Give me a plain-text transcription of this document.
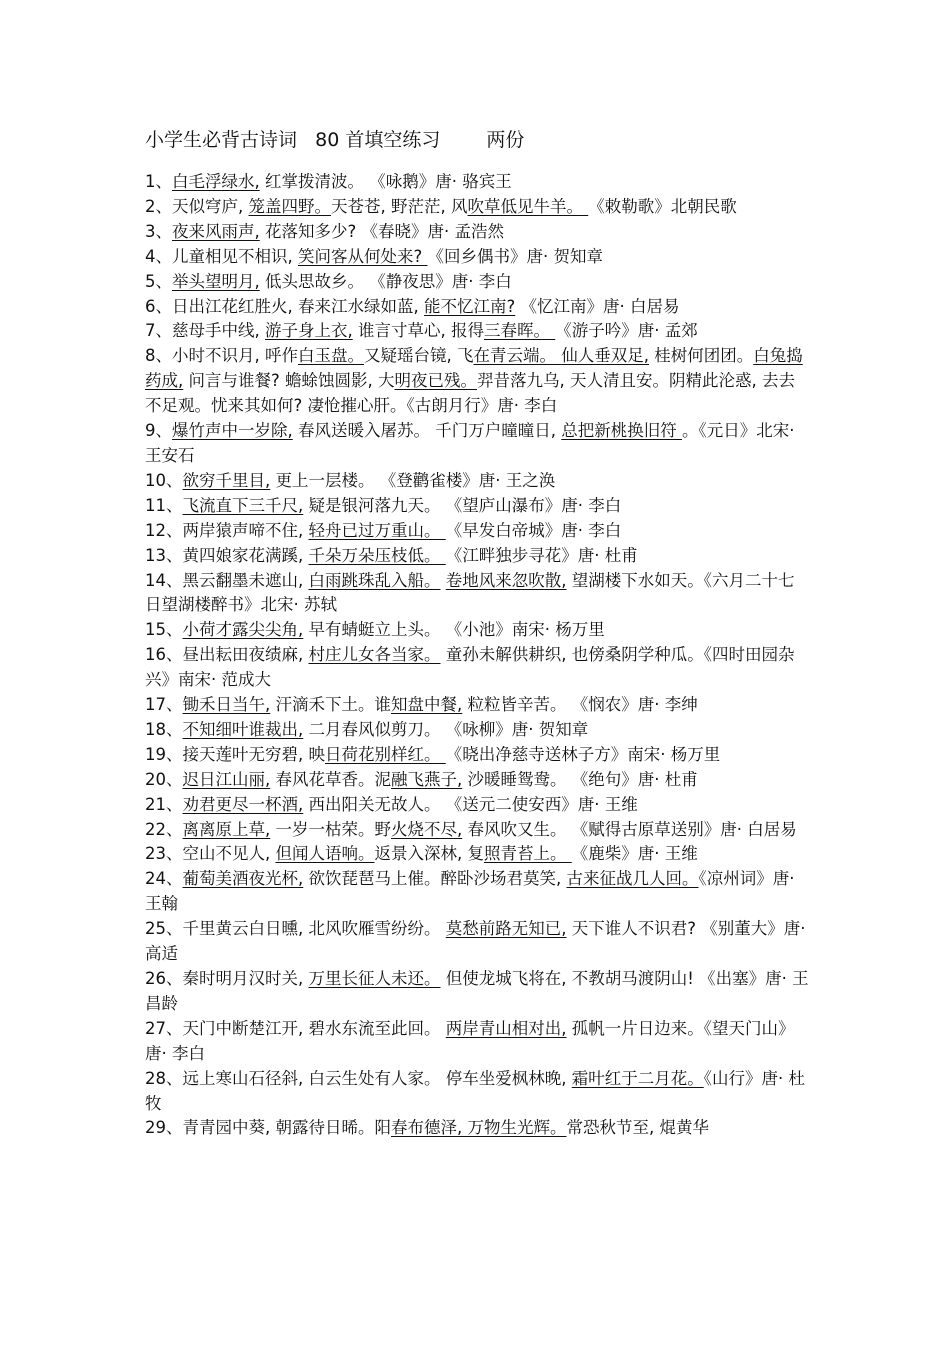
小学生必背古诗词   80 首填空练习 两份
1、白毛浮绿水, 红掌拨清波。 《咏鹅》唐· 骆宾王
2、天似穹庐, 笼盖四野。天苍苍, 野茫茫, 风吹草低见牛羊。 《敕勒歌》北朝民歌
3、夜来风雨声, 花落知多少? 《春晓》唐· 孟浩然
4、儿童相见不相识, 笑问客从何处来? 《回乡偶书》唐· 贺知章
5、举头望明月, 低头思故乡。 《静夜思》唐· 李白
6、日出江花红胜火, 春来江水绿如蓝, 能不忆江南? 《忆江南》唐· 白居易
7、慈母手中线, 游子身上衣, 谁言寸草心, 报得三春晖。 《游子吟》唐· 孟郊
8、小时不识月, 呼作白玉盘。又疑瑶台镜, 飞在青云端。 仙人垂双足, 桂树何团团。白兔捣药成, 问言与谁餐? 蟾蜍蚀圆影, 大明夜已残。羿昔落九乌, 天人清且安。阴精此沦惑, 去去不足观。忧来其如何? 凄怆摧心肝。《古朗月行》唐· 李白
9、爆竹声中一岁除, 春风送暖入屠苏。 千门万户曈曈日, 总把新桃换旧符 。《元日》北宋· 王安石
10、欲穷千里目, 更上一层楼。 《登鹳雀楼》唐· 王之涣
11、飞流直下三千尺, 疑是银河落九天。 《望庐山瀑布》唐· 李白
12、两岸猿声啼不住, 轻舟已过万重山。 《早发白帝城》唐· 李白
13、黄四娘家花满蹊, 千朵万朵压枝低。 《江畔独步寻花》唐· 杜甫
14、黑云翻墨未遮山, 白雨跳珠乱入船。 卷地风来忽吹散, 望湖楼下水如天。《六月二十七日望湖楼醉书》北宋· 苏轼
15、小荷才露尖尖角, 早有蜻蜓立上头。 《小池》南宋· 杨万里
16、昼出耘田夜绩麻, 村庄儿女各当家。 童孙未解供耕织, 也傍桑阴学种瓜。《四时田园杂兴》南宋· 范成大
17、锄禾日当午, 汗滴禾下土。谁知盘中餐, 粒粒皆辛苦。 《悯农》唐· 李绅
18、不知细叶谁裁出, 二月春风似剪刀。 《咏柳》唐· 贺知章
19、接天莲叶无穷碧, 映日荷花别样红。 《晓出净慈寺送林子方》南宋· 杨万里
20、迟日江山丽, 春风花草香。泥融飞燕子, 沙暖睡鸳鸯。 《绝句》唐· 杜甫
21、劝君更尽一杯酒, 西出阳关无故人。 《送元二使安西》唐· 王维
22、离离原上草, 一岁一枯荣。野火烧不尽, 春风吹又生。 《赋得古原草送别》唐· 白居易
23、空山不见人, 但闻人语响。返景入深林, 复照青苔上。 《鹿柴》唐· 王维
24、葡萄美酒夜光杯, 欲饮琵琶马上催。醉卧沙场君莫笑, 古来征战几人回。《凉州词》唐· 王翰
25、千里黄云白日曛, 北风吹雁雪纷纷。 莫愁前路无知已, 天下谁人不识君? 《别董大》唐· 高适
26、秦时明月汉时关, 万里长征人未还。 但使龙城飞将在, 不教胡马渡阴山! 《出塞》唐· 王昌龄
27、天门中断楚江开, 碧水东流至此回。 两岸青山相对出, 孤帆一片日边来。《望天门山》唐· 李白
28、远上寒山石径斜, 白云生处有人家。 停车坐爱枫林晚, 霜叶红于二月花。《山行》唐· 杜牧
29、青青园中葵, 朝露待日晞。阳春布德泽, 万物生光辉。常恐秋节至, 焜黄华
